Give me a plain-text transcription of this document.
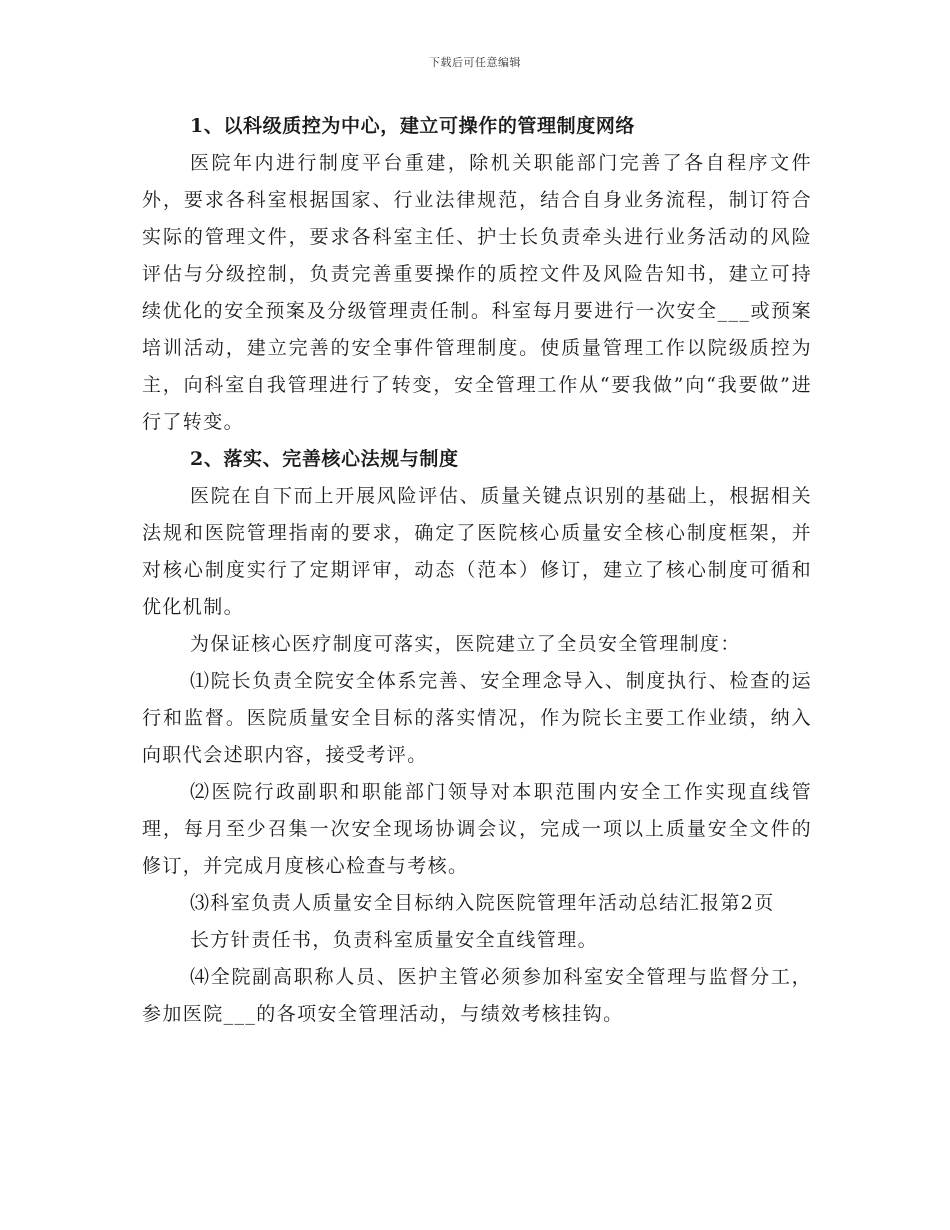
下载后可任意编辑
1、以科级质控为中心，建立可操作的管理制度网络

医院年内进行制度平台重建，除机关职能部门完善了各自程序文件外，要求各科室根据国家、行业法律规范，结合自身业务流程，制订符合实际的管理文件，要求各科室主任、护士长负责牵头进行业务活动的风险评估与分级控制，负责完善重要操作的质控文件及风险告知书，建立可持续优化的安全预案及分级管理责任制。科室每月要进行一次安全___或预案培训活动，建立完善的安全事件管理制度。使质量管理工作以院级质控为主，向科室自我管理进行了转变，安全管理工作从“要我做”向“我要做”进行了转变。

2、落实、完善核心法规与制度

医院在自下而上开展风险评估、质量关键点识别的基础上，根据相关法规和医院管理指南的要求，确定了医院核心质量安全核心制度框架，并对核心制度实行了定期评审，动态（范本）修订，建立了核心制度可循和优化机制。

为保证核心医疗制度可落实，医院建立了全员安全管理制度：

⑴院长负责全院安全体系完善、安全理念导入、制度执行、检查的运行和监督。医院质量安全目标的落实情况，作为院长主要工作业绩，纳入向职代会述职内容，接受考评。

⑵医院行政副职和职能部门领导对本职范围内安全工作实现直线管理，每月至少召集一次安全现场协调会议，完成一项以上质量安全文件的修订，并完成月度核心检查与考核。

⑶科室负责人质量安全目标纳入院医院管理年活动总结汇报第2页

长方针责任书，负责科室质量安全直线管理。

⑷全院副高职称人员、医护主管必须参加科室安全管理与监督分工，参加医院___的各项安全管理活动，与绩效考核挂钩。
